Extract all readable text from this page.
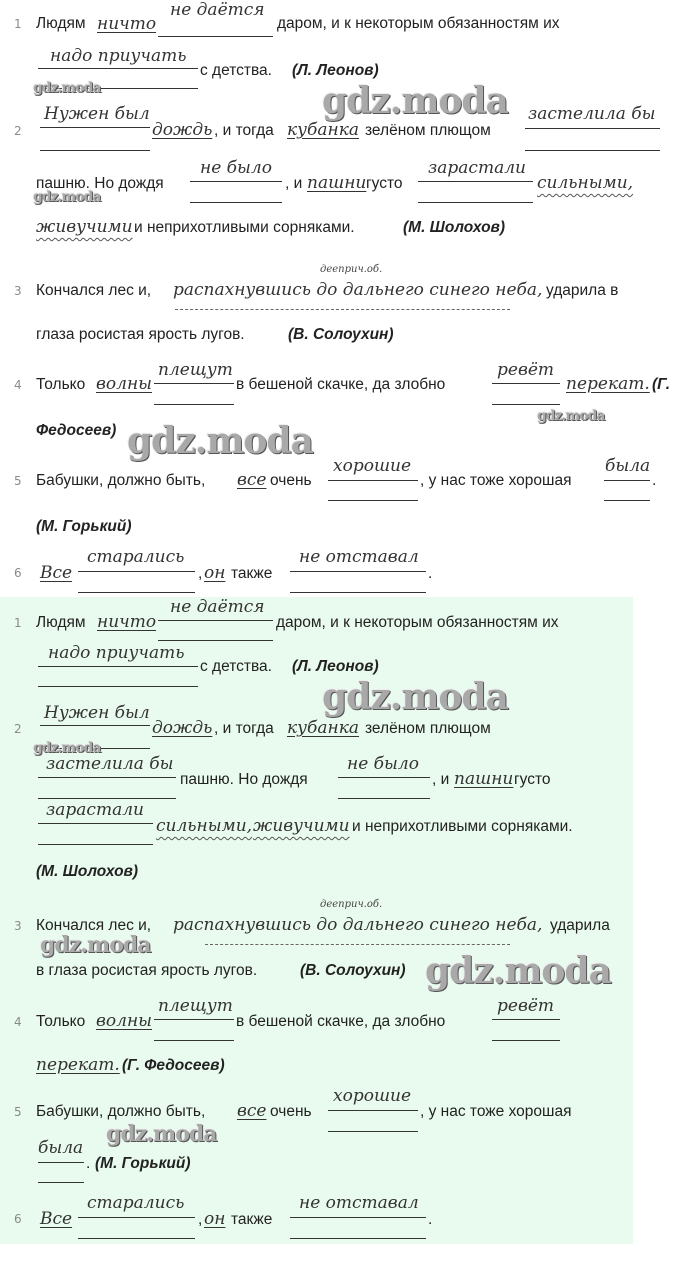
1 Людям ничто
не даётся
даром, и к некоторым обязанностям их
надо приучать
с детства. (Л. Леонов)
2
Нужен был
дождь , и тогда кубанка зелёном плющом
застелила бы
пашню. Но дождя
не было
, и пашни густо
зарастали
сильными,
живучими и неприхотливыми сорняками.	(М. Шолохов)
дееприч.об.
3 Кончался лес и, распахнувшись до дальнего синего неба, ударила в
глаза росистая ярость лугов.	(В. Солоухин)
4 Только волны
плещут
в бешеной скачке, да злобно
ревёт
перекат. (Г.
Федосеев)
5 Бабушки, должно быть, все очень
хорошие
, у нас тоже хорошая
была
.
(М. Горький)
6 Все
старались
, он также
не отставал
.
1 Людям ничто
не даётся
даром, и к некоторым обязанностям их
надо приучать
с детства. (Л. Леонов)
2
Нужен был
дождь , и тогда кубанка зелёном плющом
застелила бы
пашню. Но дождя
не было
, и пашни густо
зарастали
сильными, живучими и неприхотливыми сорняками.
(М. Шолохов)
дееприч.об.
3 Кончался лес и, распахнувшись до дальнего синего неба, ударила
в глаза росистая ярость лугов.	(В. Солоухин)
4 Только волны
плещут
в бешеной скачке, да злобно
ревёт
перекат. (Г. Федосеев)
5 Бабушки, должно быть, все очень
хорошие
, у нас тоже хорошая
была
. (М. Горький)
6 Все
старались
, он также
не отставал
.
gdz.moda	gdz.moda
gdz.moda
gdz.moda
gdz.moda
gdz.moda
gdz.moda
gdz.moda
gdz.moda
gdz.moda
